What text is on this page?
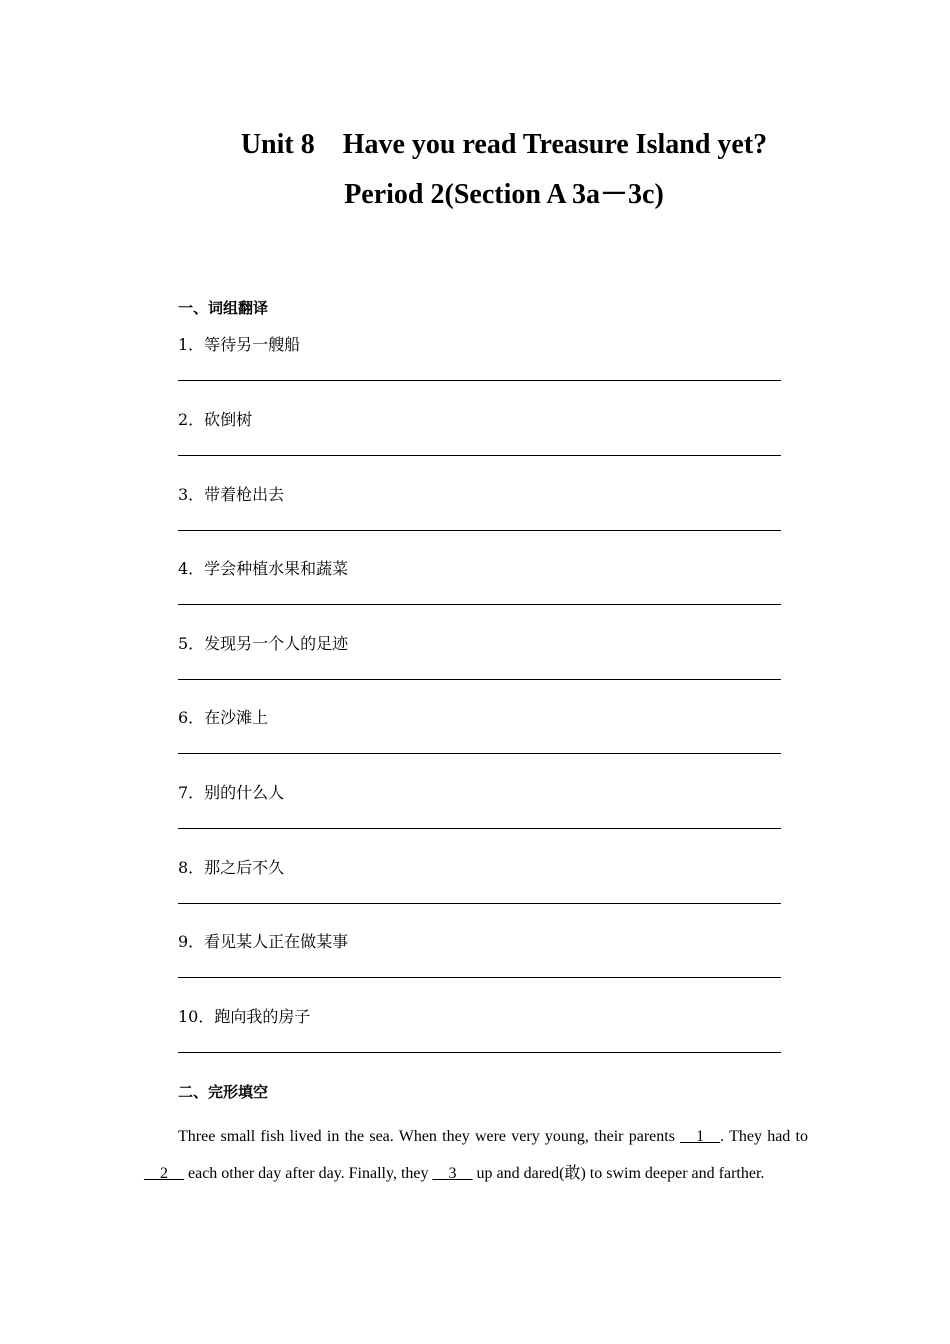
Unit 8    Have you read Treasure Island yet?
Period 2(Section A 3a－3c)
一、词组翻译
1．等待另一艘船
2．砍倒树
3．带着枪出去
4．学会种植水果和蔬菜
5．发现另一个人的足迹
6．在沙滩上
7．别的什么人
8．那之后不久
9．看见某人正在做某事
10．跑向我的房子
二、完形填空

Three small fish lived in the sea. When they were very young, their parents __1__. They had to __2__ each other day after day. Finally, they __3__ up and dared(敢) to swim deeper and farther.
